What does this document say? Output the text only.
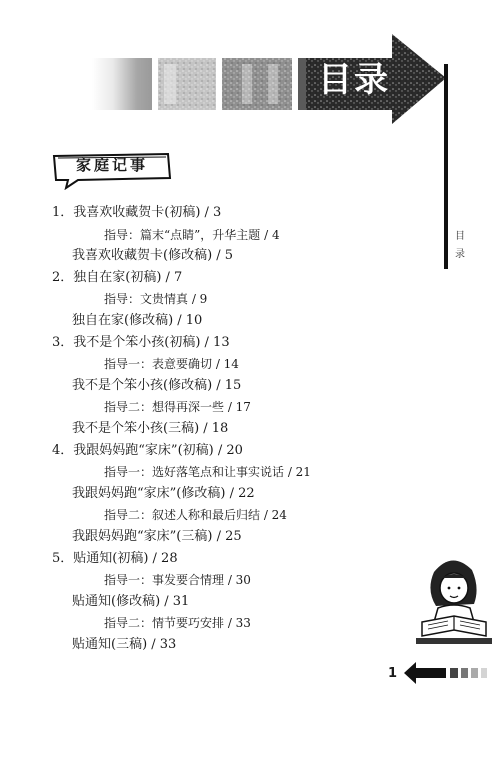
目录
目
录
家庭记事
1．我喜欢收藏贺卡(初稿) / 3
指导：篇末“点睛”，升华主题 / 4
我喜欢收藏贺卡(修改稿) / 5
2．独自在家(初稿) / 7
指导：文贵情真 / 9
独自在家(修改稿) / 10
3．我不是个笨小孩(初稿) / 13
指导一：表意要确切 / 14
我不是个笨小孩(修改稿) / 15
指导二：想得再深一些 / 17
我不是个笨小孩(三稿) / 18
4．我跟妈妈跑“家床”(初稿) / 20
指导一：选好落笔点和让事实说话 / 21
我跟妈妈跑“家床”(修改稿) / 22
指导二：叙述人称和最后归结 / 24
我跟妈妈跑“家床”(三稿) / 25
5．贴通知(初稿) / 28
指导一：事发要合情理 / 30
贴通知(修改稿) / 31
指导二：情节要巧安排 / 33
贴通知(三稿) / 33
1
